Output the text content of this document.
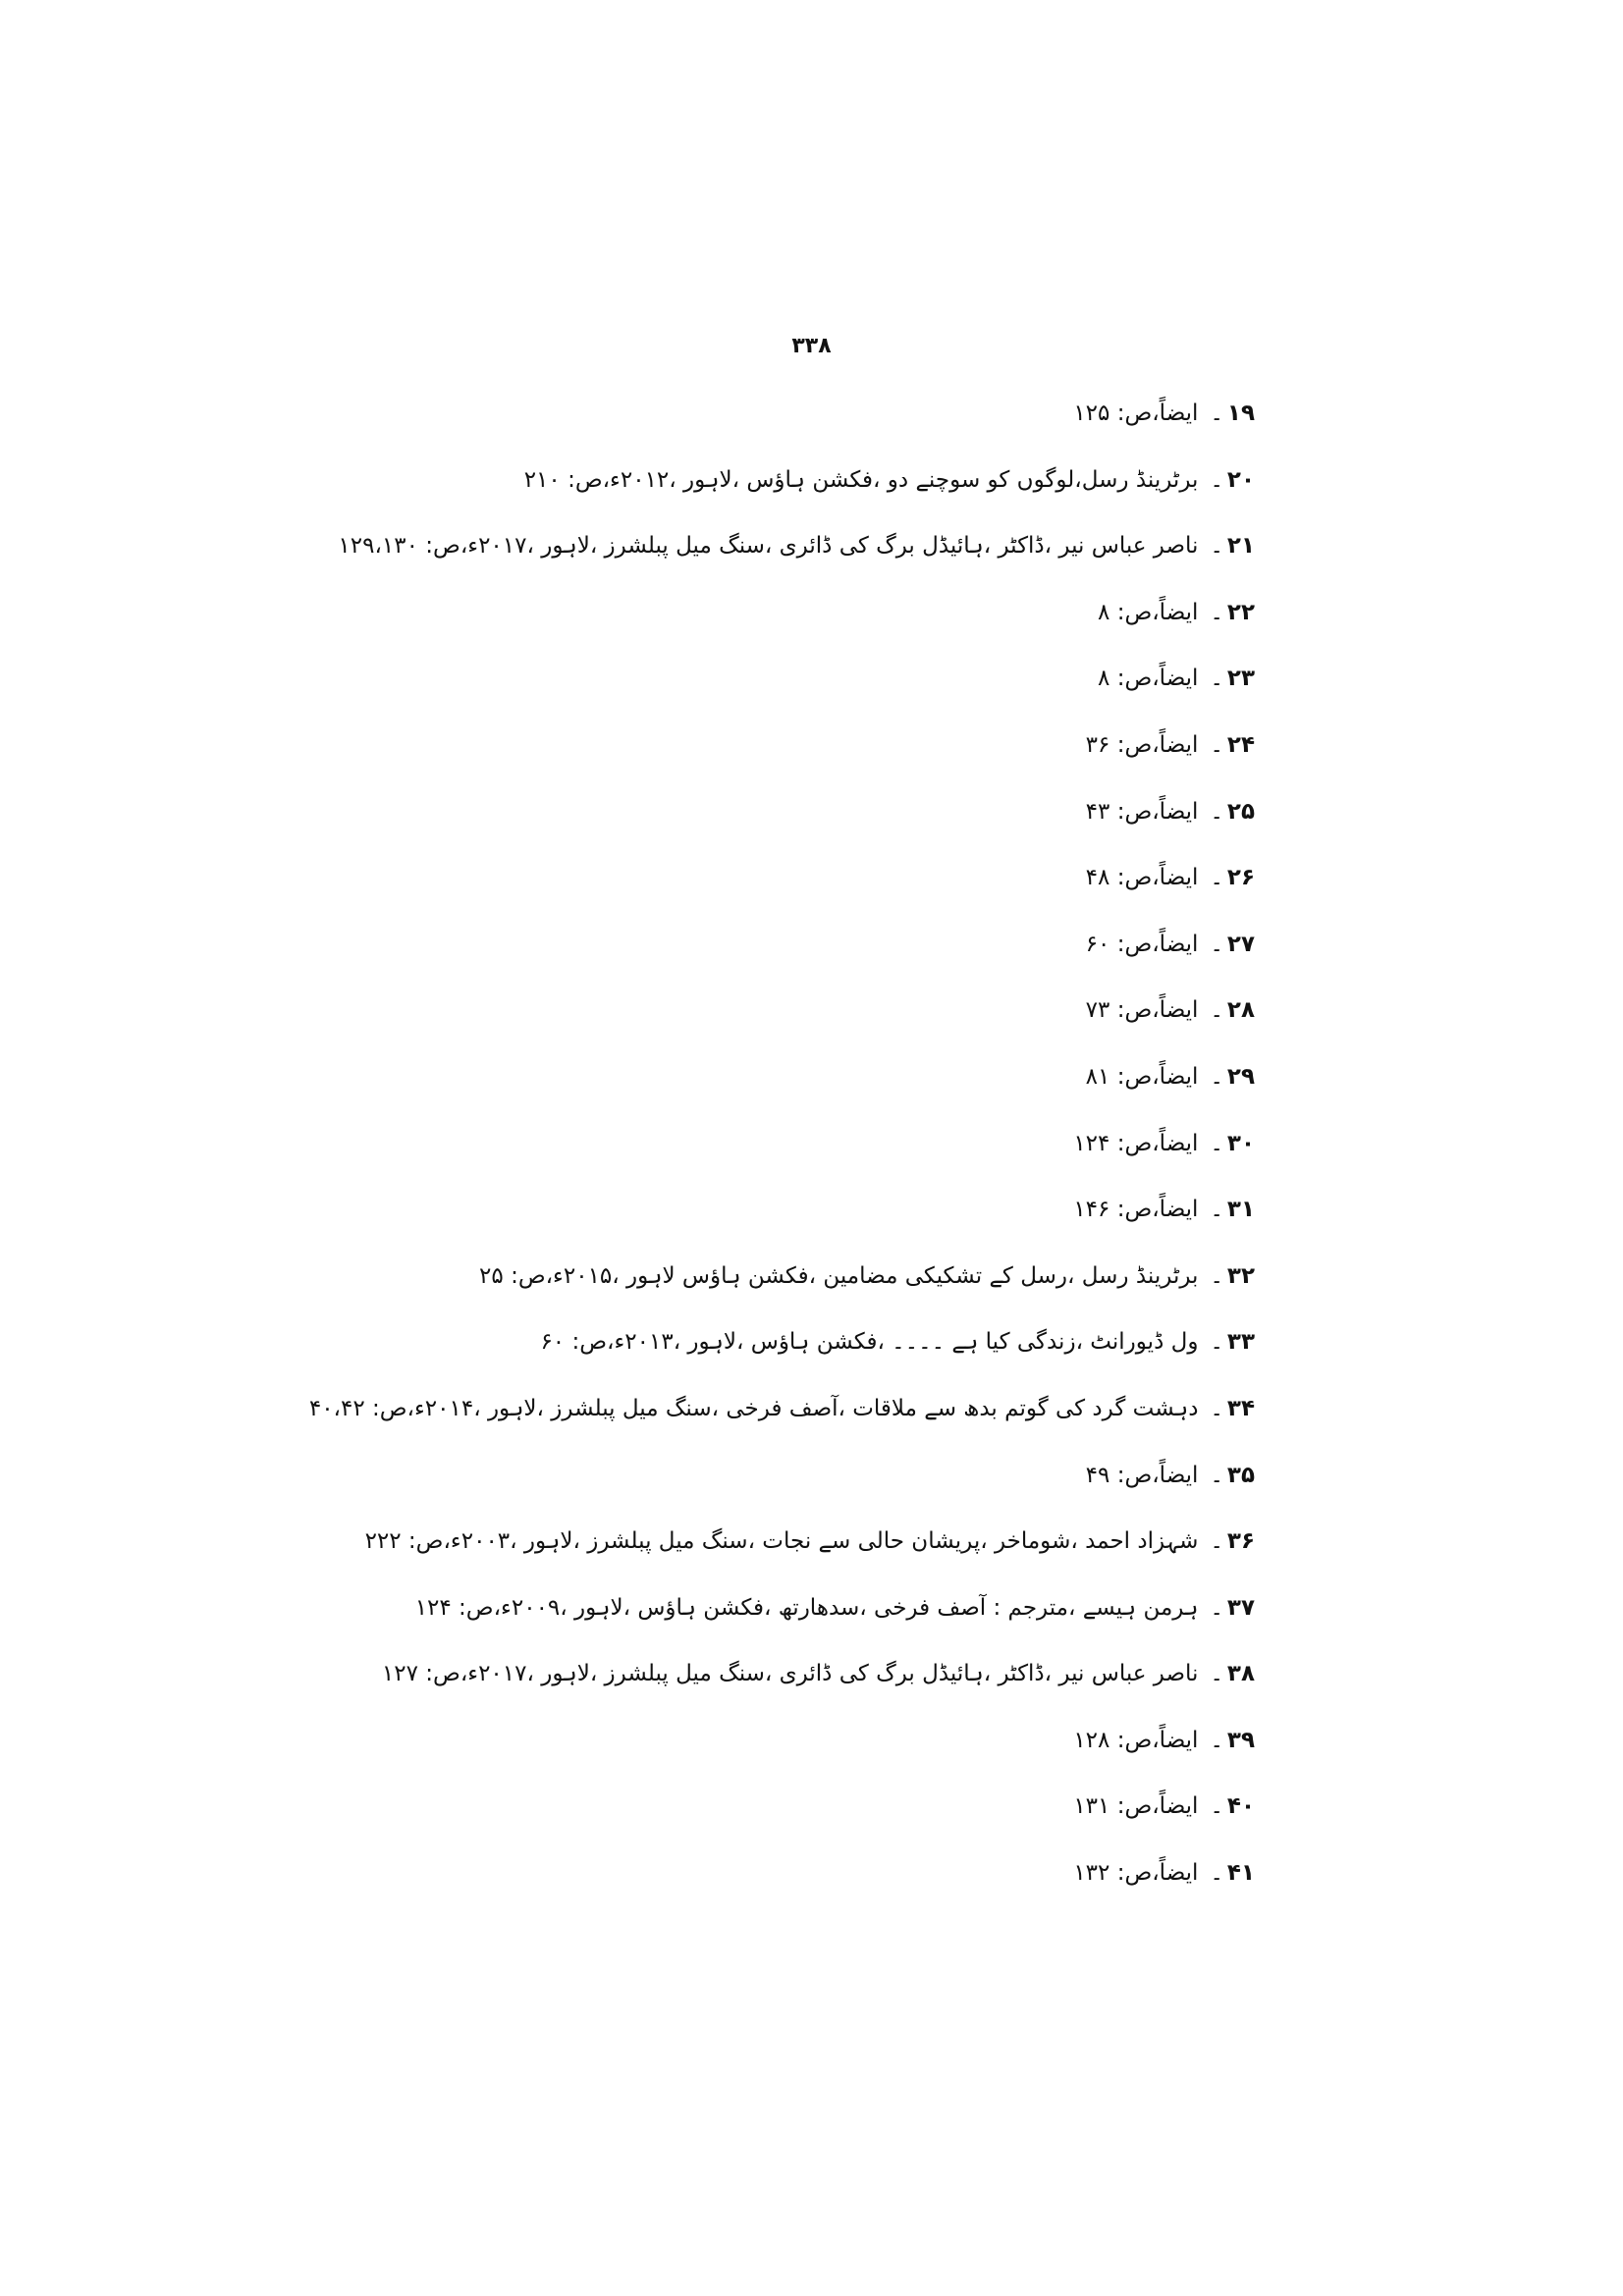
۳۳۸
۱۹۔ایضاً،ص: ۱۲۵
۲۰۔برٹرینڈ رسل،لوگوں کو سوچنے دو ،فکشن ہاؤس ،لاہور ،۲۰۱۲ء،ص: ۲۱۰
۲۱۔ناصر عباس نیر ،ڈاکٹر ،ہائیڈل برگ کی ڈائری ،سنگ میل پبلشرز ،لاہور ،۲۰۱۷ء،ص: ۱۲۹،۱۳۰
۲۲۔ایضاً،ص: ۸
۲۳۔ایضاً،ص: ۸
۲۴۔ایضاً،ص: ۳۶
۲۵۔ایضاً،ص: ۴۳
۲۶۔ایضاً،ص: ۴۸
۲۷۔ایضاً،ص: ۶۰
۲۸۔ایضاً،ص: ۷۳
۲۹۔ایضاً،ص: ۸۱
۳۰۔ایضاً،ص: ۱۲۴
۳۱۔ایضاً،ص: ۱۴۶
۳۲۔برٹرینڈ رسل ،رسل کے تشکیکی مضامین ،فکشن ہاؤس لاہور ،۲۰۱۵ء،ص: ۲۵
۳۳۔ول ڈیورانٹ ،زندگی کیا ہے ۔۔۔۔ ،فکشن ہاؤس ،لاہور ،۲۰۱۳ء،ص: ۶۰
۳۴۔دہشت گرد کی گوتم بدھ سے ملاقات ،آصف فرخی ،سنگ میل پبلشرز ،لاہور ،۲۰۱۴ء،ص: ۴۰،۴۲
۳۵۔ایضاً،ص: ۴۹
۳۶۔شہزاد احمد ،شوماخر ،پریشان حالی سے نجات ،سنگ میل پبلشرز ،لاہور ،۲۰۰۳ء،ص: ۲۲۲
۳۷۔ہرمن ہیسے ،مترجم : آصف فرخی ،سدھارتھ ،فکشن ہاؤس ،لاہور ،۲۰۰۹ء،ص: ۱۲۴
۳۸۔ناصر عباس نیر ،ڈاکٹر ،ہائیڈل برگ کی ڈائری ،سنگ میل پبلشرز ،لاہور ،۲۰۱۷ء،ص: ۱۲۷
۳۹۔ایضاً،ص: ۱۲۸
۴۰۔ایضاً،ص: ۱۳۱
۴۱۔ایضاً،ص: ۱۳۲
